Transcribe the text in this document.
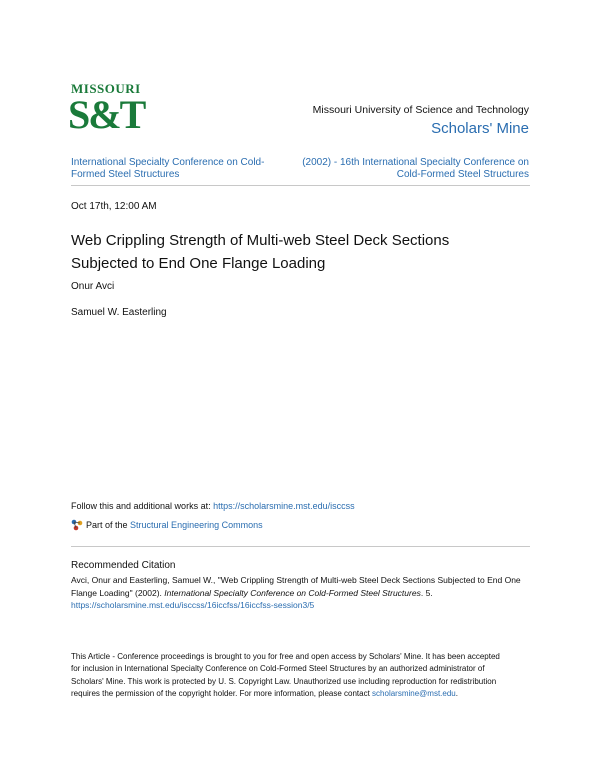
MISSOURI
S&T	Missouri University of Science and Technology
Scholars' Mine
International Specialty Conference on Cold-Formed Steel Structures
(2002) - 16th International Specialty Conference on Cold-Formed Steel Structures
Oct 17th, 12:00 AM
Web Crippling Strength of Multi-web Steel Deck Sections Subjected to End One Flange Loading
Onur Avci
Samuel W. Easterling
Follow this and additional works at: https://scholarsmine.mst.edu/isccss
Part of the
Structural Engineering Commons
Recommended Citation
Avci, Onur and Easterling, Samuel W., "Web Crippling Strength of Multi-web Steel Deck Sections Subjected to End One Flange Loading" (2002). International Specialty Conference on Cold-Formed Steel Structures. 5.
https://scholarsmine.mst.edu/isccss/16iccfss/16iccfss-session3/5
This Article - Conference proceedings is brought to you for free and open access by Scholars' Mine. It has been accepted for inclusion in International Specialty Conference on Cold-Formed Steel Structures by an authorized administrator of Scholars' Mine. This work is protected by U. S. Copyright Law. Unauthorized use including reproduction for redistribution requires the permission of the copyright holder. For more information, please contact scholarsmine@mst.edu.
